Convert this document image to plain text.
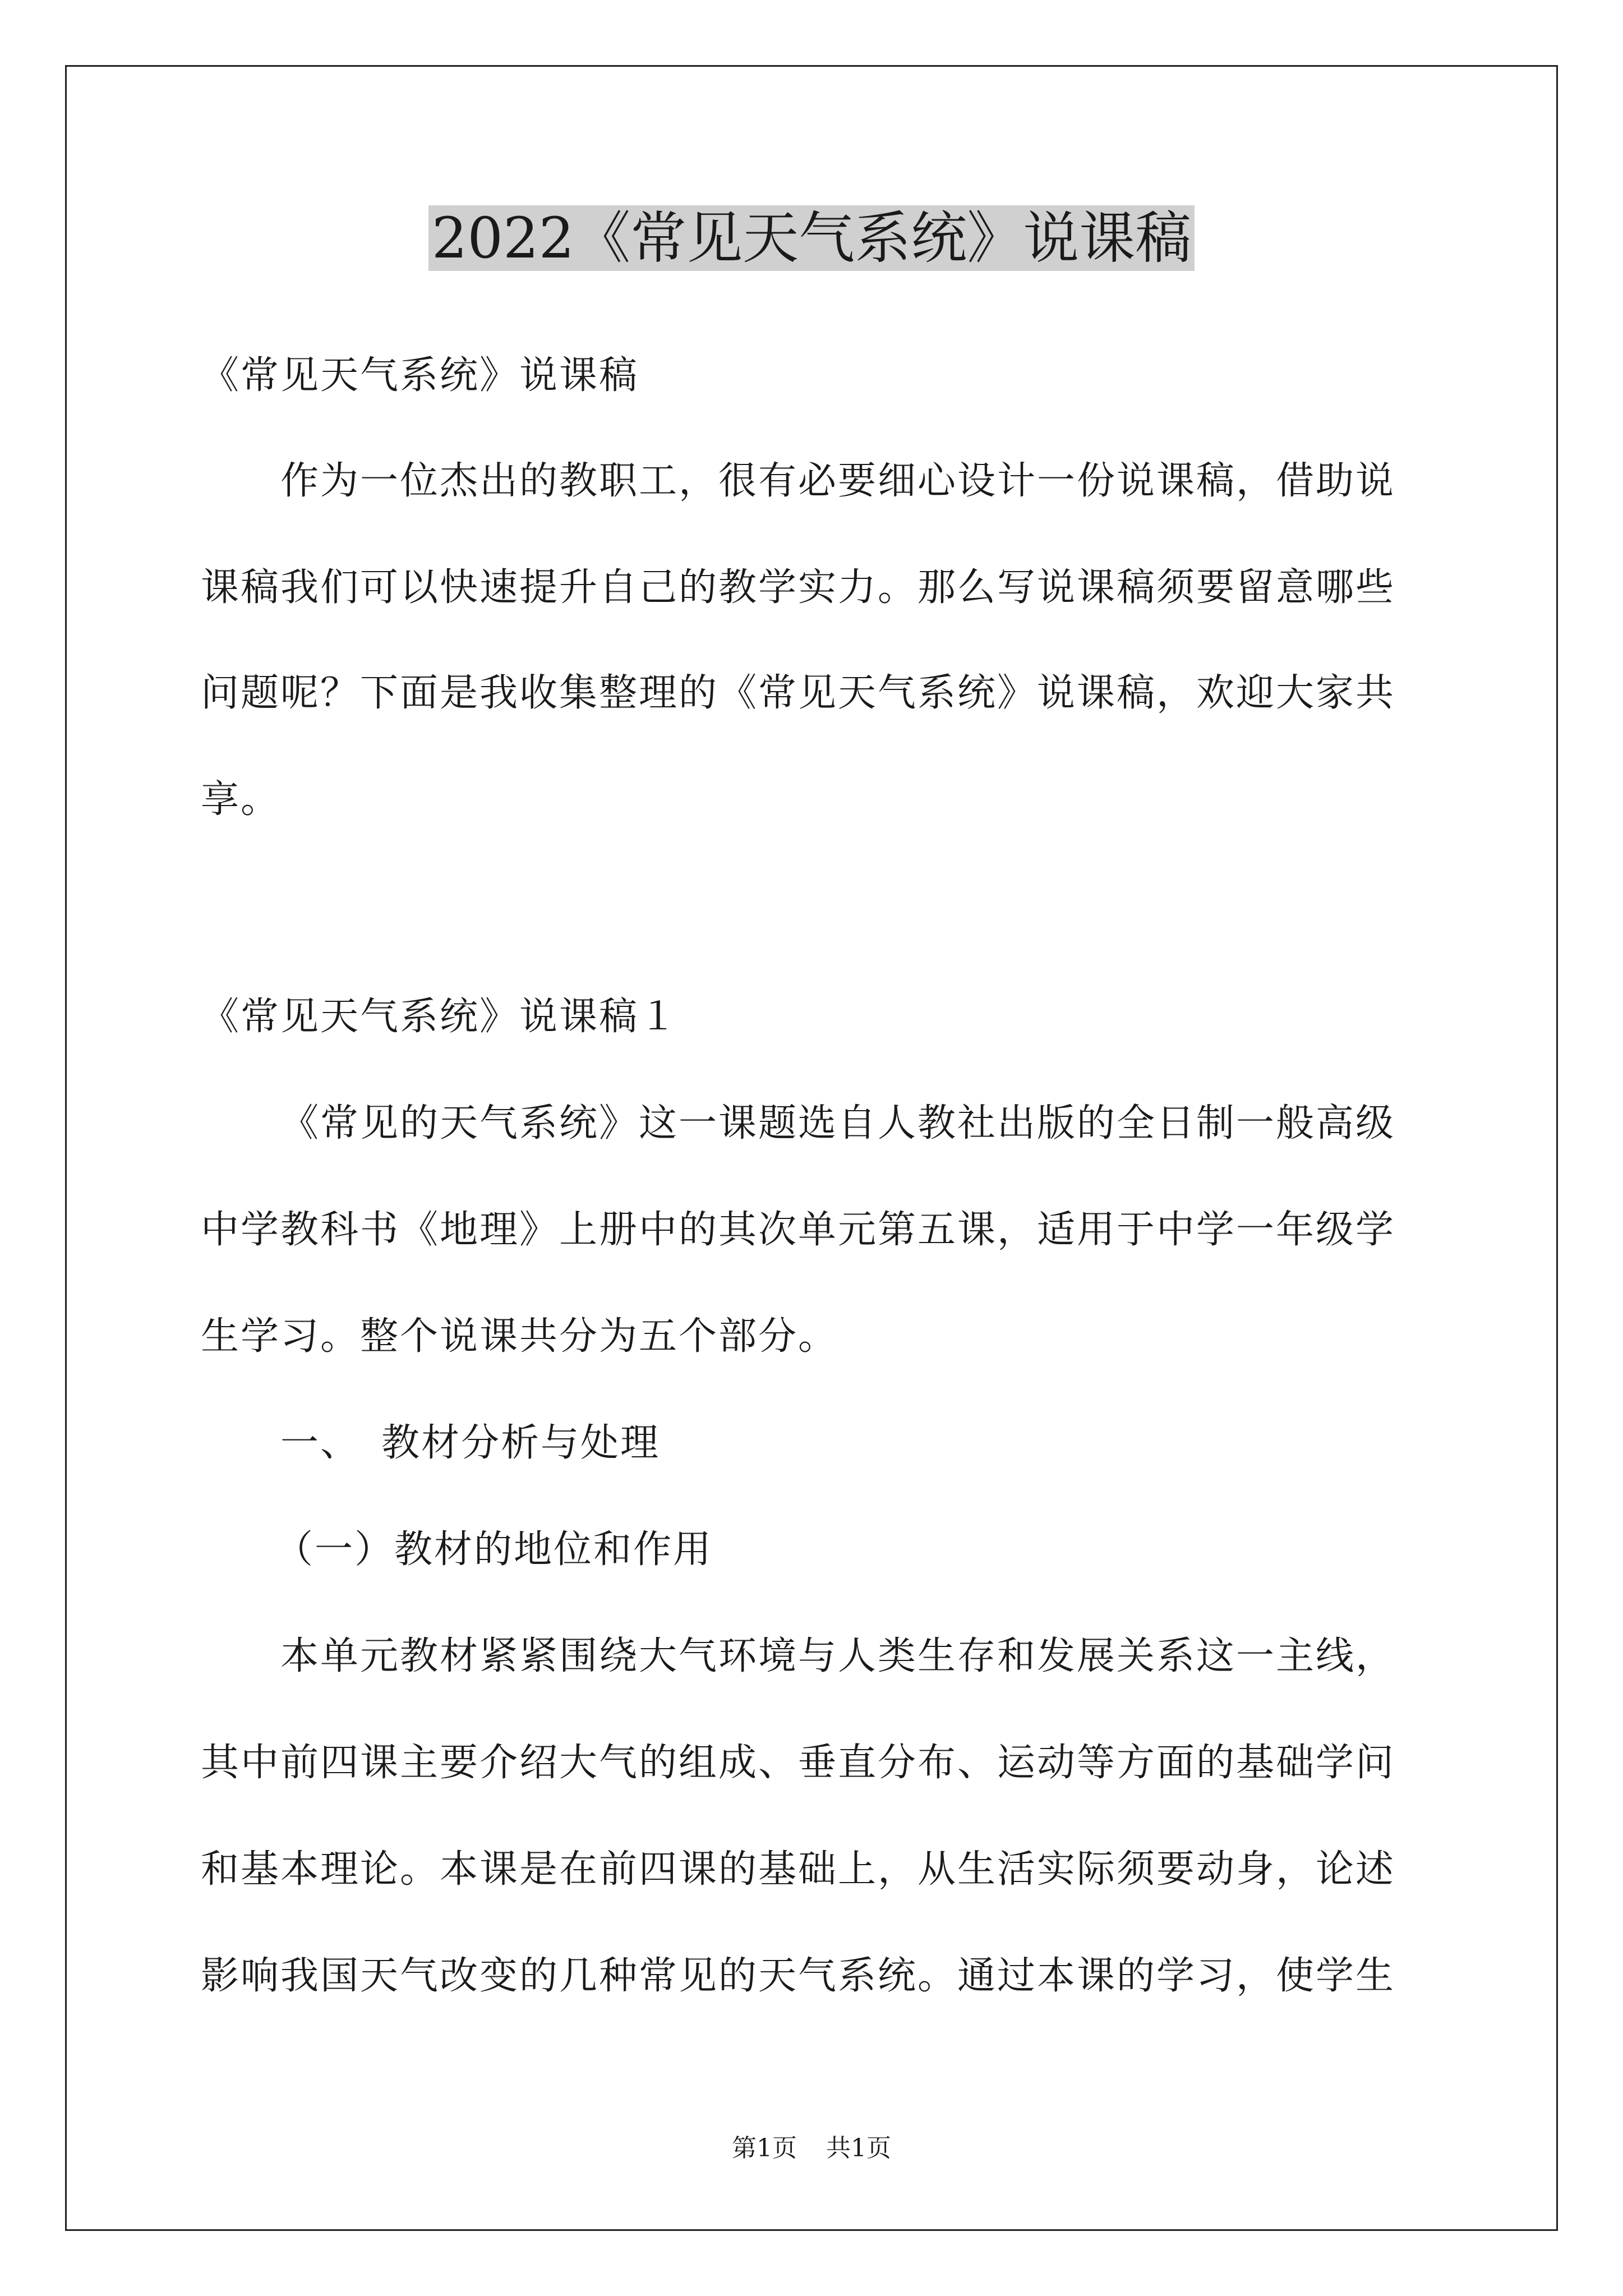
2022《常见天气系统》说课稿
《常见天气系统》说课稿
作为一位杰出的教职工，很有必要细心设计一份说课稿，借助说
课稿我们可以快速提升自己的教学实力。那么写说课稿须要留意哪些
问题呢？下面是我收集整理的《常见天气系统》说课稿，欢迎大家共
享。
《常见天气系统》说课稿１
《常见的天气系统》这一课题选自人教社出版的全日制一般高级
中学教科书《地理》上册中的其次单元第五课，适用于中学一年级学
生学习。整个说课共分为五个部分。
一、 教材分析与处理
（一）教材的地位和作用
本单元教材紧紧围绕大气环境与人类生存和发展关系这一主线，
其中前四课主要介绍大气的组成、垂直分布、运动等方面的基础学问
和基本理论。本课是在前四课的基础上，从生活实际须要动身，论述
影响我国天气改变的几种常见的天气系统。通过本课的学习，使学生
第1页 共1页
